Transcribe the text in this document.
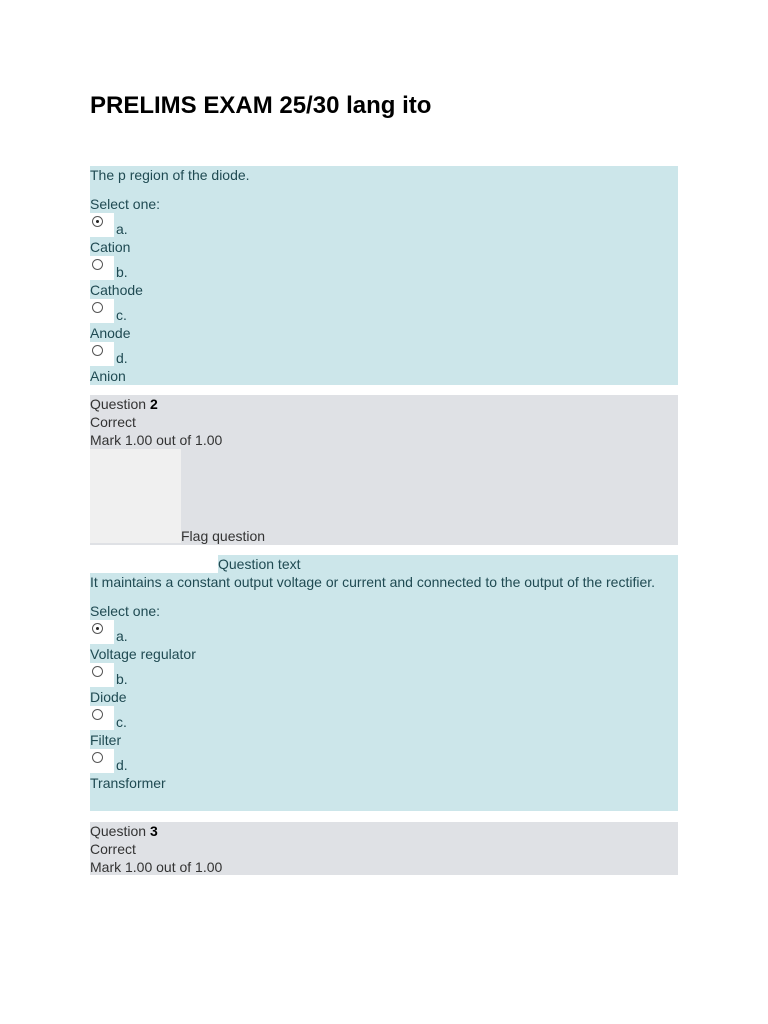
PRELIMS EXAM 25/30 lang ito

The p region of the diode.

Select one:
a.
Cation
b.
Cathode
c.
Anode
d.
Anion
Question 2
Correct
Mark 1.00 out of 1.00
Flag question
Question text

It maintains a constant output voltage or current and connected to the output of the rectifier.

Select one:
a.
Voltage regulator
b.
Diode
c.
Filter
d.
Transformer
Question 3
Correct
Mark 1.00 out of 1.00
